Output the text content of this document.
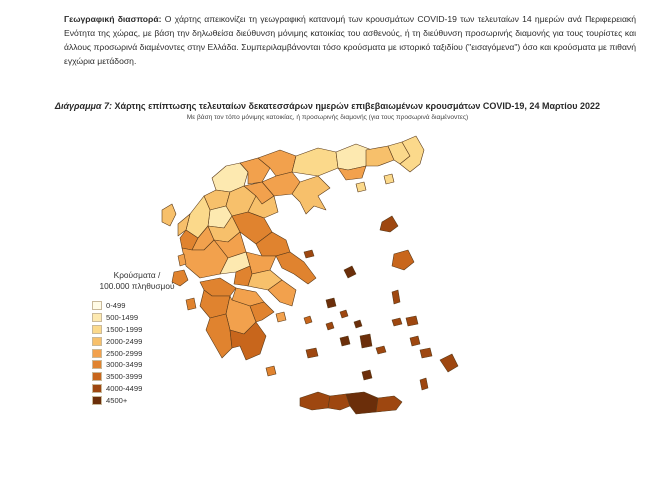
Γεωγραφική διασπορά: Ο χάρτης απεικονίζει τη γεωγραφική κατανομή των κρουσμάτων COVID-19 των τελευταίων 14 ημερών ανά Περιφερειακή Ενότητα της χώρας, με βάση την δηλωθείσα διεύθυνση μόνιμης κατοικίας του ασθενούς, ή τη διεύθυνση προσωρινής διαμονής για τους τουρίστες και άλλους προσωρινά διαμένοντες στην Ελλάδα. Συμπεριλαμβάνονται τόσο κρούσματα με ιστορικό ταξιδίου ("εισαγόμενα") όσο και κρούσματα με πιθανή εγχώρια μετάδοση.
Διάγραμμα 7: Χάρτης επίπτωσης τελευταίων δεκατεσσάρων ημερών επιβεβαιωμένων κρουσμάτων COVID-19, 24 Μαρτίου 2022
Με βάση τον τόπο μόνιμης κατοικίας, ή προσωρινής διαμονής (για τους προσωρινά διαμένοντες)
Κρούσματα /
100.000 πληθυσμού
0-499
500-1499
1500-1999
2000-2499
2500-2999
3000-3499
3500-3999
4000-4499
4500+
